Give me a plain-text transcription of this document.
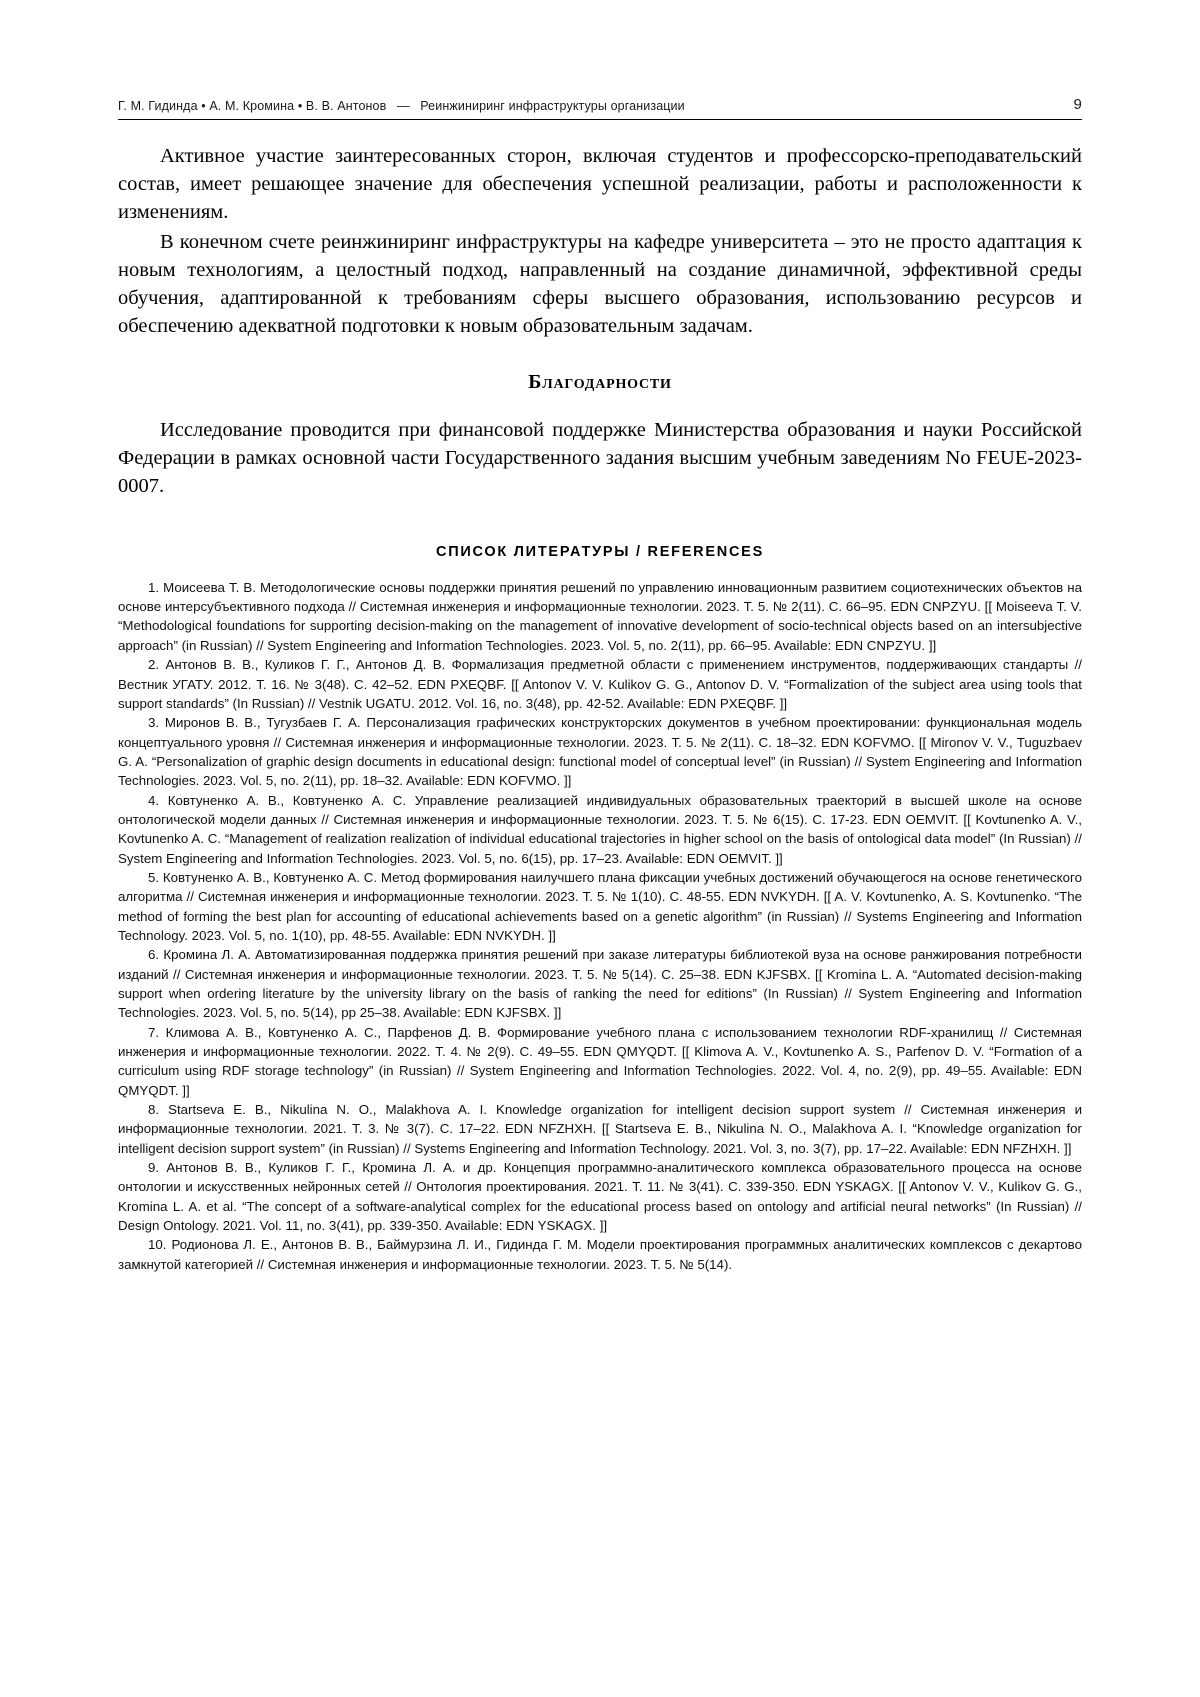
Г. М. Гидинда • А. М. Кромина • В. В. Антонов — Реинжиниринг инфраструктуры организации	9

Активное участие заинтересованных сторон, включая студентов и профессорско-преподавательский состав, имеет решающее значение для обеспечения успешной реализации, работы и расположенности к изменениям.

В конечном счете реинжиниринг инфраструктуры на кафедре университета – это не просто адаптация к новым технологиям, а целостный подход, направленный на создание динамичной, эффективной среды обучения, адаптированной к требованиям сферы высшего образования, использованию ресурсов и обеспечению адекватной подготовки к новым образовательным задачам.

Благодарности

Исследование проводится при финансовой поддержке Министерства образования и науки Российской Федерации в рамках основной части Государственного задания высшим учебным заведениям No FEUE-2023-0007.

СПИСОК ЛИТЕРАТУРЫ / REFERENCES

1. Моисеева Т. В. Методологические основы поддержки принятия решений по управлению инновационным развитием социотехнических объектов на основе интерсубъективного подхода // Системная инженерия и информационные технологии. 2023. Т. 5. № 2(11). С. 66–95. EDN CNPZYU. [[ Moiseeva T. V. “Methodological foundations for supporting decision-making on the management of innovative development of socio-technical objects based on an intersubjective approach” (in Russian) // System Engineering and Information Technologies. 2023. Vol. 5, no. 2(11), pp. 66–95. Available: EDN CNPZYU. ]]

2. Антонов В. В., Куликов Г. Г., Антонов Д. В. Формализация предметной области с применением инструментов, поддерживающих стандарты // Вестник УГАТУ. 2012. Т. 16. № 3(48). С. 42–52. EDN PXEQBF. [[ Antonov V. V. Kulikov G. G., Antonov D. V. “Formalization of the subject area using tools that support standards” (In Russian) // Vestnik UGATU. 2012. Vol. 16, no. 3(48), pp. 42-52. Available: EDN PXEQBF. ]]

3. Миронов В. В., Тугузбаев Г. А. Персонализация графических конструкторских документов в учебном проектировании: функциональная модель концептуального уровня // Системная инженерия и информационные технологии. 2023. Т. 5. № 2(11). С. 18–32. EDN KOFVMO. [[ Mironov V. V., Tuguzbaev G. A. “Personalization of graphic design documents in educational design: functional model of conceptual level” (in Russian) // System Engineering and Information Technologies. 2023. Vol. 5, no. 2(11), pp. 18–32. Available: EDN KOFVMO. ]]

4. Ковтуненко А. В., Ковтуненко А. С. Управление реализацией индивидуальных образовательных траекторий в высшей школе на основе онтологической модели данных // Системная инженерия и информационные технологии. 2023. Т. 5. № 6(15). С. 17-23. EDN OEMVIT. [[ Kovtunenko A. V., Kovtunenko A. C. “Management of realization realization of individual educational trajectories in higher school on the basis of ontological data model” (In Russian) // System Engineering and Information Technologies. 2023. Vol. 5, no. 6(15), pp. 17–23. Available: EDN OEMVIT. ]]

5. Ковтуненко А. В., Ковтуненко А. С. Метод формирования наилучшего плана фиксации учебных достижений обучающегося на основе генетического алгоритма // Системная инженерия и информационные технологии. 2023. Т. 5. № 1(10). С. 48-55. EDN NVKYDH. [[ A. V. Kovtunenko, A. S. Kovtunenko. “The method of forming the best plan for accounting of educational achievements based on a genetic algorithm” (in Russian) // Systems Engineering and Information Technology. 2023. Vol. 5, no. 1(10), pp. 48-55. Available: EDN NVKYDH. ]]

6. Кромина Л. А. Автоматизированная поддержка принятия решений при заказе литературы библиотекой вуза на основе ранжирования потребности изданий // Системная инженерия и информационные технологии. 2023. Т. 5. № 5(14). С. 25–38. EDN KJFSBX. [[ Kromina L. A. “Automated decision-making support when ordering literature by the university library on the basis of ranking the need for editions” (In Russian) // System Engineering and Information Technologies. 2023. Vol. 5, no. 5(14), pp 25–38. Available: EDN KJFSBX. ]]

7. Климова А. В., Ковтуненко А. С., Парфенов Д. В. Формирование учебного плана с использованием технологии RDF-хранилищ // Системная инженерия и информационные технологии. 2022. Т. 4. № 2(9). С. 49–55. EDN QMYQDT. [[ Klimova A. V., Kovtunenko A. S., Parfenov D. V. “Formation of a curriculum using RDF storage technology” (in Russian) // System Engineering and Information Technologies. 2022. Vol. 4, no. 2(9), pp. 49–55. Available: EDN QMYQDT. ]]

8. Startseva E. B., Nikulina N. O., Malakhova A. I. Knowledge organization for intelligent decision support system // Системная инженерия и информационные технологии. 2021. Т. 3. № 3(7). С. 17–22. EDN NFZHXH. [[ Startseva E. B., Nikulina N. O., Malakhova A. I. “Knowledge organization for intelligent decision support system” (in Russian) // Systems Engineering and Information Technology. 2021. Vol. 3, no. 3(7), pp. 17–22. Available: EDN NFZHXH. ]]

9. Антонов В. В., Куликов Г. Г., Кромина Л. А. и др. Концепция программно-аналитического комплекса образовательного процесса на основе онтологии и искусственных нейронных сетей // Онтология проектирования. 2021. Т. 11. № 3(41). С. 339-350. EDN YSKAGX. [[ Antonov V. V., Kulikov G. G., Kromina L. A. et al. “The concept of a software-analytical complex for the educational process based on ontology and artificial neural networks” (In Russian) // Design Ontology. 2021. Vol. 11, no. 3(41), pp. 339-350. Available: EDN YSKAGX. ]]

10. Родионова Л. Е., Антонов В. В., Баймурзина Л. И., Гидинда Г. М. Модели проектирования программных аналитических комплексов с декартово замкнутой категорией // Системная инженерия и информационные технологии. 2023. Т. 5. № 5(14).
